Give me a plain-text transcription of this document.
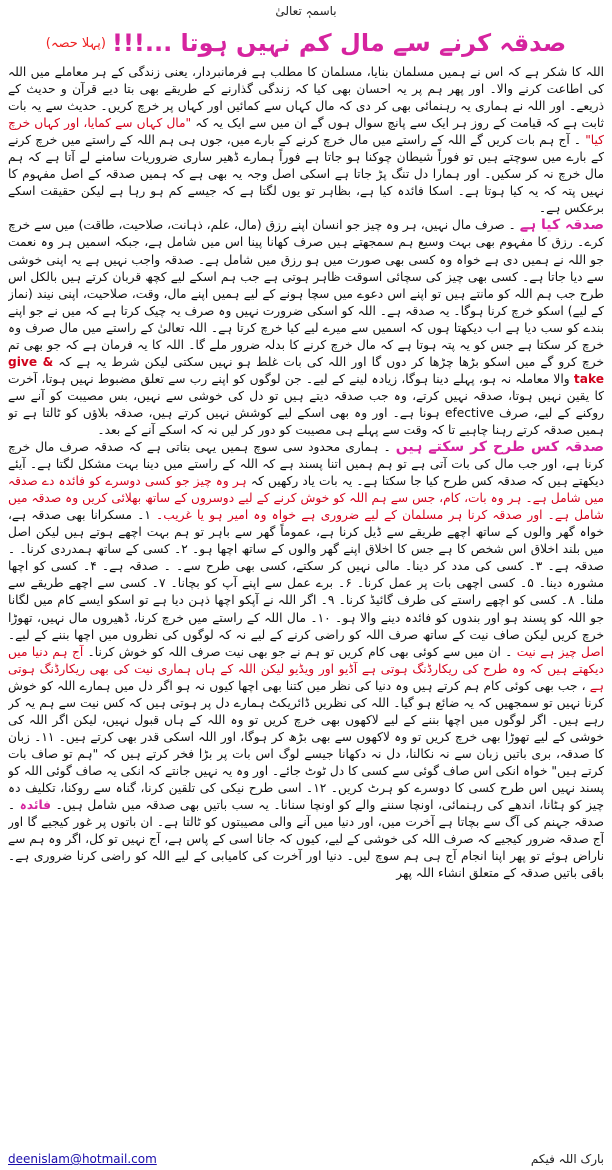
باسمہٖ تعالیٰ
صدقہ کرنے سے مال کم نہیں ہوتا ...!!!
(پہلا حصہ)

اللہ کا شکر ہے کہ اس نے ہمیں مسلمان بنایا، مسلمان کا مطلب ہے فرمانبردار، یعنی زندگی کے ہر معاملے میں اللہ کی اطاعت کرنے والا۔ اور پھر ہم پر یہ احسان بھی کیا کہ زندگی گذارنے کے طریقے بھی بتا دیے قرآن و حدیث کے ذریعے۔ اور اللہ نے ہماری یہ رہنمائی بھی کر دی کہ مال کہاں سے کمائیں اور کہاں پر خرچ کریں۔ حدیث سے یہ بات ثابت ہے کہ قیامت کے روز ہر ایک سے پانچ سوال ہوں گے ان میں سے ایک یہ کہ "مال کہاں سے کمایا، اور کہاں خرچ کیا" ۔ آج ہم بات کریں گے اللہ کے راستے میں مال خرچ کرنے کے بارے میں، جوں ہی ہم اللہ کے راستے میں خرچ کرنے کے بارے میں سوچتے ہیں تو فوراً شیطان چوکنا ہو جاتا ہے فوراً ہمارے ڈھیر ساری ضروریات سامنے لے آتا ہے کہ ہم مال خرچ نہ کر سکیں۔ اور ہمارا دل تنگ پڑ جاتا ہے اسکی اصل وجہ یہ بھی ہے کہ ہمیں صدقہ کے اصل مفہوم کا نہیں پتہ کہ یہ کیا ہوتا ہے۔ اسکا فائدہ کیا ہے، بظاہر تو یوں لگتا ہے کہ جیسے کم ہو رہا ہے لیکن حقیقت اسکے برعکس ہے۔

صدقہ کیا ہے ۔ صرف مال نہیں، ہر وہ چیز جو انسان اپنے رزق (مال، علم، ذہانت، صلاحیت، طاقت) میں سے خرچ کرے۔ رزق کا مفہوم بھی بہت وسیع ہم سمجھتے ہیں صرف کھانا پینا اس میں شامل ہے، جبکہ اسمیں ہر وہ نعمت جو اللہ نے ہمیں دی ہے خواہ وہ کسی بھی صورت میں ہو رزق میں شامل ہے۔ صدقہ واجب نہیں ہے یہ اپنی خوشی سے دیا جاتا ہے۔ کسی بھی چیز کی سچائی اسوقت ظاہر ہوتی ہے جب ہم اسکے لیے کچھ قربان کرتے ہیں بالکل اس طرح جب ہم اللہ کو مانتے ہیں تو اپنے اس دعوے میں سچا ہونے کے لیے ہمیں اپنے مال، وقت، صلاحیت، اپنی نیند (نماز کے لیے) اسکو خرچ کرنا ہوگا۔ یہ صدقہ ہے۔ اللہ کو اسکی ضرورت نہیں وہ صرف یہ چیک کرتا ہے کہ میں نے جو اپنے بندے کو سب دیا ہے اب دیکھتا ہوں کہ اسمیں سے میرے لیے کیا خرچ کرتا ہے۔ اللہ تعالیٰ کے راستے میں مال صرف وہ خرچ کر سکتا ہے جس کو یہ پتہ ہوتا ہے کہ مال خرچ کرنے کا بدلہ ضرور ملے گا۔ اللہ کا یہ فرمان ہے کہ جو بھی تم خرچ کرو گے میں اسکو بڑھا چڑھا کر دوں گا اور اللہ کی بات غلط ہو نہیں سکتی لیکن شرط یہ ہے کہ give & take والا معاملہ نہ ہو، پہلے دینا ہوگا، زیادہ لینے کے لیے۔ جن لوگوں کو اپنے رب سے تعلق مضبوط نہیں ہوتا، آخرت کا یقین نہیں ہوتا، صدقہ نہیں کرتے، وہ جب صدقہ دیتے ہیں تو دل کی خوشی سے نہیں، بس مصیبت کو آنے سے روکنے کے لیے، صرف efective ہونا ہے۔ اور وہ بھی اسکے لیے کوشش نہیں کرتے ہیں، صدقہ بلاؤں کو ٹالتا ہے تو ہمیں صدقہ کرتے رہنا چاہیے تا کہ وقت سے پہلے ہی مصیبت کو دور کر لیں نہ کہ اسکے آنے کے بعد۔

صدقہ کس طرح کر سکتے ہیں ۔ ہماری محدود سی سوچ ہمیں یہی بتاتی ہے کہ صدقہ صرف مال خرچ کرنا ہے، اور جب مال کی بات آتی ہے تو ہم ہمیں اتنا پسند ہے کہ اللہ کے راستے میں دینا بہت مشکل لگتا ہے۔ آیئے دیکھتے ہیں کہ صدقہ کس طرح کیا جا سکتا ہے۔ یہ بات یاد رکھیں کہ ہر وہ چیز جو کسی دوسرے کو فائدہ دے صدقہ میں شامل ہے۔ ہر وہ بات، کام، جس سے ہم اللہ کو خوش کرنے کے لیے دوسروں کے ساتھ بھلائی کریں وہ صدقہ میں شامل ہے۔ اور صدقہ کرنا ہر مسلمان کے لیے ضروری ہے خواہ وہ امیر ہو یا غریب۔ ۱۔ مسکرانا بھی صدقہ ہے، خواہ گھر والوں کے ساتھ اچھے طریقے سے ڈیل کرنا ہے، عموماً گھر سے باہر تو ہم بہت اچھے ہوتے ہیں لیکن اصل میں بلند اخلاق اس شخص کا ہے جس کا اخلاق اپنے گھر والوں کے ساتھ اچھا ہو۔ ۲۔ کسی کے ساتھ ہمدردی کرنا۔ ۔ صدقہ ہے۔ ۳۔ کسی کی مدد کر دینا۔ مالی نہیں کر سکتے، کسی بھی طرح سے۔ ۔ صدقہ ہے۔ ۴۔ کسی کو اچھا مشورہ دینا۔ ۵۔ کسی اچھی بات پر عمل کرنا۔ ۶۔ برے عمل سے اپنے آپ کو بچانا۔ ۷۔ کسی سے اچھے طریقے سے ملنا۔ ۸۔ کسی کو اچھے راستے کی طرف گائیڈ کرنا۔ ۹۔ اگر اللہ نے آپکو اچھا ذہن دیا ہے تو اسکو ایسے کام میں لگانا جو اللہ کو پسند ہو اور بندوں کو فائدہ دینے والا ہو۔ ۱۰۔ مال اللہ کے راستے میں خرچ کرنا، ڈھیروں مال نہیں، تھوڑا خرچ کریں لیکن صاف نیت کے ساتھ صرف اللہ کو راضی کرنے کے لیے نہ کہ لوگوں کی نظروں میں اچھا بننے کے لیے۔ اصل چیز ہے نیت ۔ ان میں سے کوئی بھی کام کریں تو ہم نے جو بھی نیت صرف اللہ کو خوش کرنا۔ آج ہم دنیا میں دیکھتے ہیں کہ وہ طرح کی ریکارڈنگ ہوتی ہے آڈیو اور ویڈیو لیکن اللہ کے ہاں ہماری نیت کی بھی ریکارڈنگ ہوتی ہے ، جب بھی کوئی کام ہم کرتے ہیں وہ دنیا کی نظر میں کتنا بھی اچھا کیوں نہ ہو اگر دل میں ہمارے اللہ کو خوش کرنا نہیں تو سمجھیں کہ یہ ضائع ہو گیا۔ اللہ کی نظریں ڈائریکٹ ہمارے دل پر ہوتی ہیں کہ کس نیت سے ہم یہ کر رہے ہیں۔ اگر لوگوں میں اچھا بننے کے لیے لاکھوں بھی خرچ کریں تو وہ اللہ کے ہاں قبول نہیں، لیکن اگر اللہ کی خوشی کے لیے تھوڑا بھی خرچ کریں تو وہ لاکھوں سے بھی بڑھ کر ہوگا، اور اللہ اسکی قدر بھی کرتے ہیں۔ ۱۱۔ زبان کا صدقہ، بری باتیں زبان سے نہ نکالنا، دل نہ دکھانا جیسے لوگ اس بات پر بڑا فخر کرتے ہیں کہ "ہم تو صاف بات کرتے ہیں" خواہ انکی اس صاف گوئی سے کسی کا دل ٹوٹ جائے۔ اور وہ یہ نہیں جانتے کہ انکی یہ صاف گوئی اللہ کو پسند نہیں اس طرح کسی کا دوسرے کو ہرٹ کریں۔ ۱۲۔ اسی طرح نیکی کی تلقین کرنا، گناہ سے روکنا، تکلیف دہ چیز کو ہٹانا، اندھے کی رہنمائی، اونچا سننے والے کو اونچا سنانا۔ یہ سب باتیں بھی صدقہ میں شامل ہیں۔ فائدہ ۔ صدقہ جہنم کی آگ سے بچاتا ہے آخرت میں، اور دنیا میں آنے والی مصیبتوں کو ٹالتا ہے۔ ان باتوں پر غور کیجیے گا اور آج صدقہ ضرور کیجیے کہ صرف اللہ کی خوشی کے لیے، کیوں کہ جانا اسی کے پاس ہے، آج نہیں تو کل، اگر وہ ہم سے ناراض ہوئے تو پھر اپنا انجام آج ہی ہم سوچ لیں۔ دنیا اور آخرت کی کامیابی کے لیے اللہ کو راضی کرنا ضروری ہے۔ باقی باتیں صدقہ کے متعلق انشاء اللہ پھر

deenislam@hotmail.com	بارک اللہ فیکم
